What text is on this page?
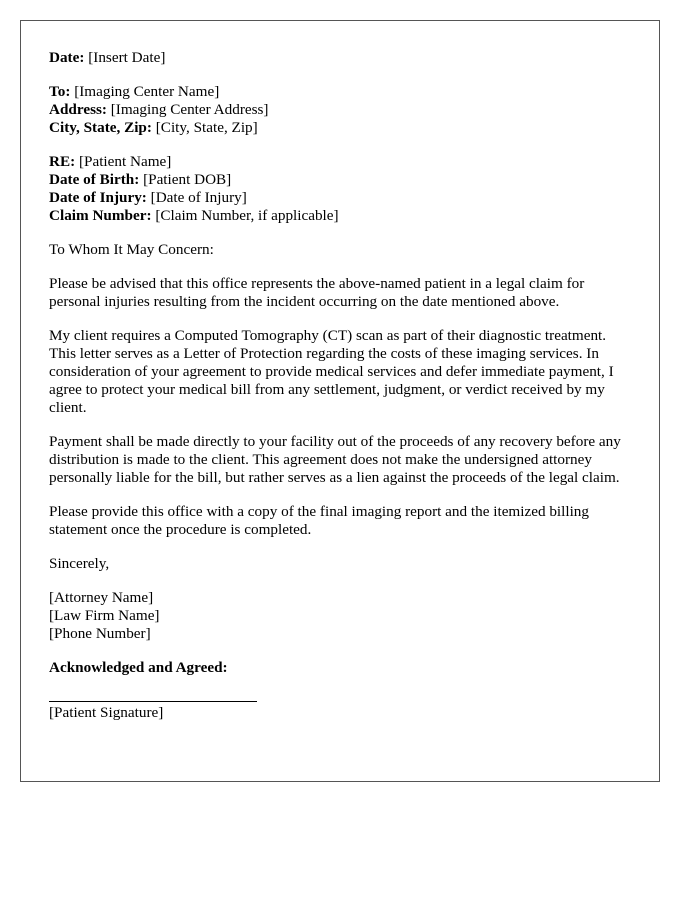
Date: [Insert Date]
To: [Imaging Center Name]
Address: [Imaging Center Address]
City, State, Zip: [City, State, Zip]
RE: [Patient Name]
Date of Birth: [Patient DOB]
Date of Injury: [Date of Injury]
Claim Number: [Claim Number, if applicable]

To Whom It May Concern:

Please be advised that this office represents the above-named patient in a legal claim for personal injuries resulting from the incident occurring on the date mentioned above.

My client requires a Computed Tomography (CT) scan as part of their diagnostic treatment. This letter serves as a Letter of Protection regarding the costs of these imaging services. In consideration of your agreement to provide medical services and defer immediate payment, I agree to protect your medical bill from any settlement, judgment, or verdict received by my client.

Payment shall be made directly to your facility out of the proceeds of any recovery before any distribution is made to the client. This agreement does not make the undersigned attorney personally liable for the bill, but rather serves as a lien against the proceeds of the legal claim.

Please provide this office with a copy of the final imaging report and the itemized billing statement once the procedure is completed.

Sincerely,

[Attorney Name]
[Law Firm Name]
[Phone Number]
Acknowledged and Agreed:
[Patient Signature]
